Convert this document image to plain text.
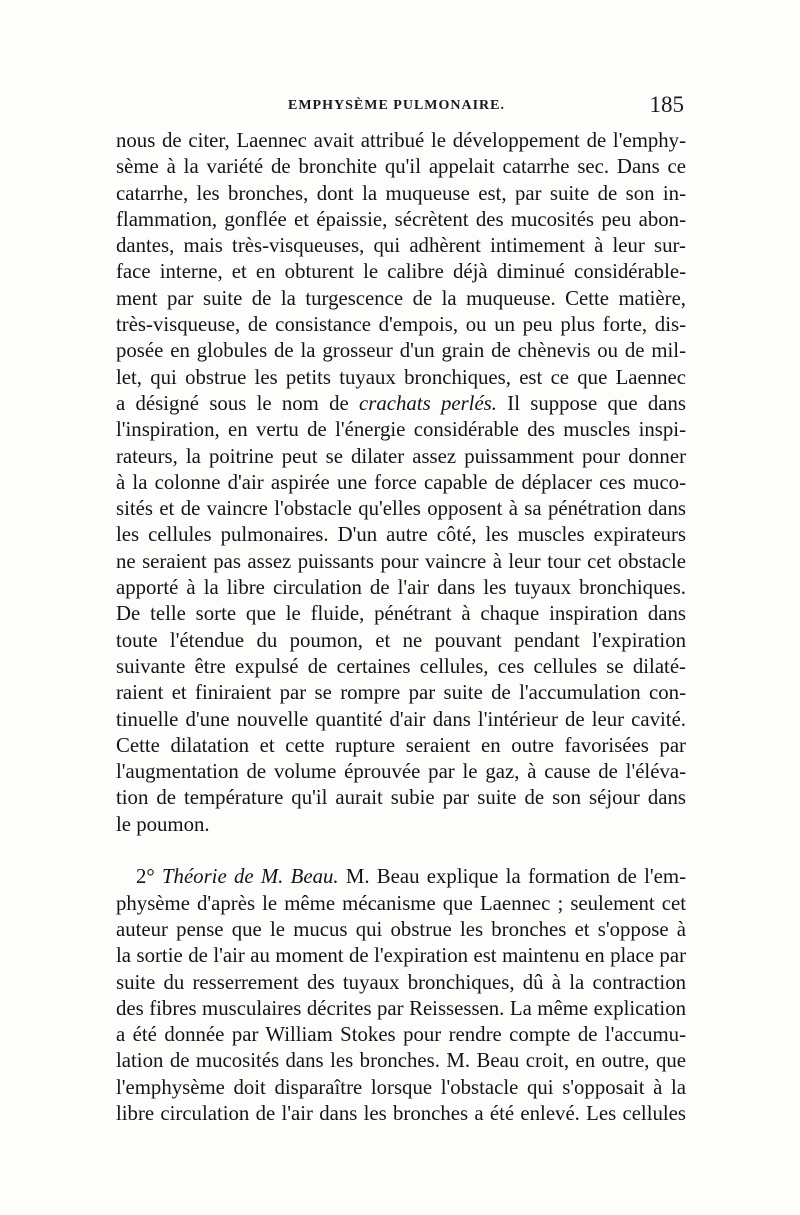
EMPHYSÈME PULMONAIRE.	185
nous de citer, Laennec avait attribué le développement de l'emphy-
sème à la variété de bronchite qu'il appelait catarrhe sec. Dans ce
catarrhe, les bronches, dont la muqueuse est, par suite de son in-
flammation, gonflée et épaissie, sécrètent des mucosités peu abon-
dantes, mais très-visqueuses, qui adhèrent intimement à leur sur-
face interne, et en obturent le calibre déjà diminué considérable-
ment par suite de la turgescence de la muqueuse. Cette matière,
très-visqueuse, de consistance d'empois, ou un peu plus forte, dis-
posée en globules de la grosseur d'un grain de chènevis ou de mil-
let, qui obstrue les petits tuyaux bronchiques, est ce que Laennec
a désigné sous le nom de crachats perlés. Il suppose que dans
l'inspiration, en vertu de l'énergie considérable des muscles inspi-
rateurs, la poitrine peut se dilater assez puissamment pour donner
à la colonne d'air aspirée une force capable de déplacer ces muco-
sités et de vaincre l'obstacle qu'elles opposent à sa pénétration dans
les cellules pulmonaires. D'un autre côté, les muscles expirateurs
ne seraient pas assez puissants pour vaincre à leur tour cet obstacle
apporté à la libre circulation de l'air dans les tuyaux bronchiques.
De telle sorte que le fluide, pénétrant à chaque inspiration dans
toute l'étendue du poumon, et ne pouvant pendant l'expiration
suivante être expulsé de certaines cellules, ces cellules se dilaté-
raient et finiraient par se rompre par suite de l'accumulation con-
tinuelle d'une nouvelle quantité d'air dans l'intérieur de leur cavité.
Cette dilatation et cette rupture seraient en outre favorisées par
l'augmentation de volume éprouvée par le gaz, à cause de l'éléva-
tion de température qu'il aurait subie par suite de son séjour dans
le poumon.
2° Théorie de M. Beau. M. Beau explique la formation de l'em-
physème d'après le même mécanisme que Laennec ; seulement cet
auteur pense que le mucus qui obstrue les bronches et s'oppose à
la sortie de l'air au moment de l'expiration est maintenu en place par
suite du resserrement des tuyaux bronchiques, dû à la contraction
des fibres musculaires décrites par Reissessen. La même explication
a été donnée par William Stokes pour rendre compte de l'accumu-
lation de mucosités dans les bronches. M. Beau croit, en outre, que
l'emphysème doit disparaître lorsque l'obstacle qui s'opposait à la
libre circulation de l'air dans les bronches a été enlevé. Les cellules
